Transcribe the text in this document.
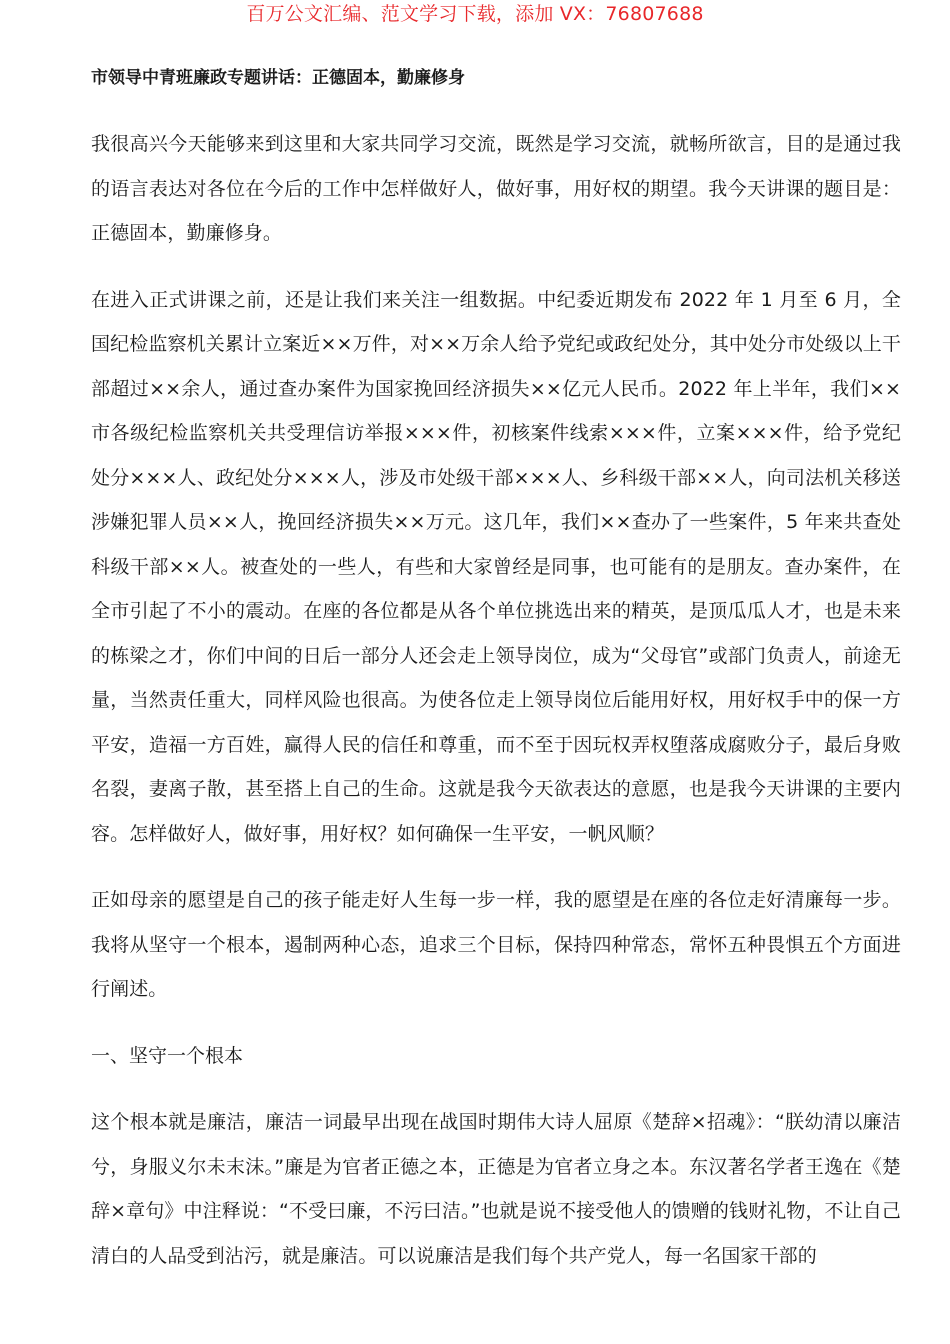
百万公文汇编、范文学习下载，添加 VX：76807688
市领导中青班廉政专题讲话：正德固本，勤廉修身

我很高兴今天能够来到这里和大家共同学习交流，既然是学习交流，就畅所欲言，目的是通过我的语言表达对各位在今后的工作中怎样做好人，做好事，用好权的期望。我今天讲课的题目是：正德固本，勤廉修身。

在进入正式讲课之前，还是让我们来关注一组数据。中纪委近期发布 2022 年 1 月至 6 月，全国纪检监察机关累计立案近××万件，对××万余人给予党纪或政纪处分，其中处分市处级以上干部超过××余人，通过查办案件为国家挽回经济损失××亿元人民币。2022 年上半年，我们××市各级纪检监察机关共受理信访举报×××件，初核案件线索×××件，立案×××件，给予党纪处分×××人、政纪处分×××人，涉及市处级干部×××人、乡科级干部××人，向司法机关移送涉嫌犯罪人员××人，挽回经济损失××万元。这几年，我们××查办了一些案件，5 年来共查处科级干部××人。被查处的一些人，有些和大家曾经是同事，也可能有的是朋友。查办案件，在全市引起了不小的震动。在座的各位都是从各个单位挑选出来的精英，是顶瓜瓜人才，也是未来的栋梁之才，你们中间的日后一部分人还会走上领导岗位，成为“父母官”或部门负责人，前途无量，当然责任重大，同样风险也很高。为使各位走上领导岗位后能用好权，用好权手中的保一方平安，造福一方百姓，赢得人民的信任和尊重，而不至于因玩权弄权堕落成腐败分子，最后身败名裂，妻离子散，甚至搭上自己的生命。这就是我今天欲表达的意愿，也是我今天讲课的主要内容。怎样做好人，做好事，用好权？如何确保一生平安，一帆风顺？

正如母亲的愿望是自己的孩子能走好人生每一步一样，我的愿望是在座的各位走好清廉每一步。我将从坚守一个根本，遏制两种心态，追求三个目标，保持四种常态，常怀五种畏惧五个方面进行阐述。

一、坚守一个根本

这个根本就是廉洁，廉洁一词最早出现在战国时期伟大诗人屈原《楚辞×招魂》：“朕幼清以廉洁兮，身服义尔未末沫。”廉是为官者正德之本，正德是为官者立身之本。东汉著名学者王逸在《楚辞×章句》中注释说：“不受曰廉，不污曰洁。”也就是说不接受他人的馈赠的钱财礼物，不让自己清白的人品受到沾污，就是廉洁。可以说廉洁是我们每个共产党人，每一名国家干部的
